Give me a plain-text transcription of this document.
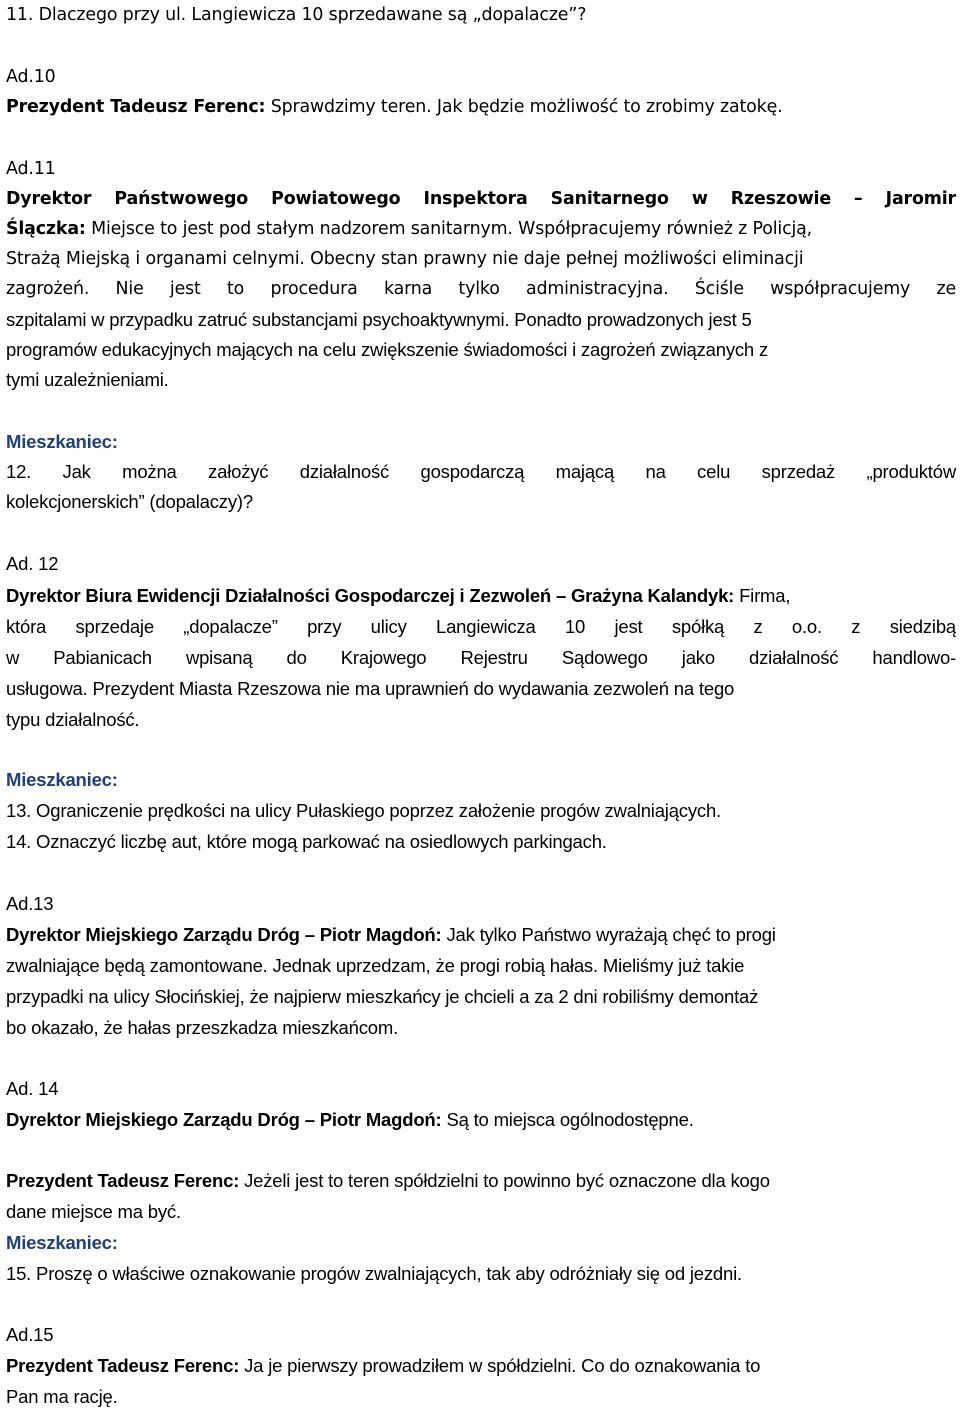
11. Dlaczego przy ul. Langiewicza 10 sprzedawane są „dopalacze”?
Ad.10
Prezydent Tadeusz Ferenc: Sprawdzimy teren. Jak będzie możliwość to zrobimy zatokę.
Ad.11
Dyrektor Państwowego Powiatowego Inspektora Sanitarnego w Rzeszowie – Jaromir
Ślączka: Miejsce to jest pod stałym nadzorem sanitarnym. Współpracujemy również z Policją,
Strażą Miejską i organami celnymi. Obecny stan prawny nie daje pełnej możliwości eliminacji
zagrożeń. Nie jest to procedura karna tylko administracyjna. Ściśle współpracujemy ze
szpitalami w przypadku zatruć substancjami psychoaktywnymi. Ponadto prowadzonych jest 5
programów edukacyjnych mających na celu zwiększenie świadomości i zagrożeń związanych z
tymi uzależnieniami.
Mieszkaniec:
12. Jak można założyć działalność gospodarczą mającą na celu sprzedaż „produktów
kolekcjonerskich” (dopalaczy)?
Ad. 12
Dyrektor Biura Ewidencji Działalności Gospodarczej i Zezwoleń – Grażyna Kalandyk: Firma,
która sprzedaje „dopalacze” przy ulicy Langiewicza 10 jest spółką z o.o. z siedzibą
w Pabianicach wpisaną do Krajowego Rejestru Sądowego jako działalność handlowo-
usługowa. Prezydent Miasta Rzeszowa nie ma uprawnień do wydawania zezwoleń na tego
typu działalność.
Mieszkaniec:
13. Ograniczenie prędkości na ulicy Pułaskiego poprzez założenie progów zwalniających.
14. Oznaczyć liczbę aut, które mogą parkować na osiedlowych parkingach.
Ad.13
Dyrektor Miejskiego Zarządu Dróg – Piotr Magdoń: Jak tylko Państwo wyrażają chęć to progi
zwalniające będą zamontowane. Jednak uprzedzam, że progi robią hałas. Mieliśmy już takie
przypadki na ulicy Słocińskiej, że najpierw mieszkańcy je chcieli a za 2 dni robiliśmy demontaż
bo okazało, że hałas przeszkadza mieszkańcom.
Ad. 14
Dyrektor Miejskiego Zarządu Dróg – Piotr Magdoń: Są to miejsca ogólnodostępne.
Prezydent Tadeusz Ferenc: Jeżeli jest to teren spółdzielni to powinno być oznaczone dla kogo
dane miejsce ma być.
Mieszkaniec:
15. Proszę o właściwe oznakowanie progów zwalniających, tak aby odróżniały się od jezdni.
Ad.15
Prezydent Tadeusz Ferenc: Ja je pierwszy prowadziłem w spółdzielni. Co do oznakowania to
Pan ma rację.
